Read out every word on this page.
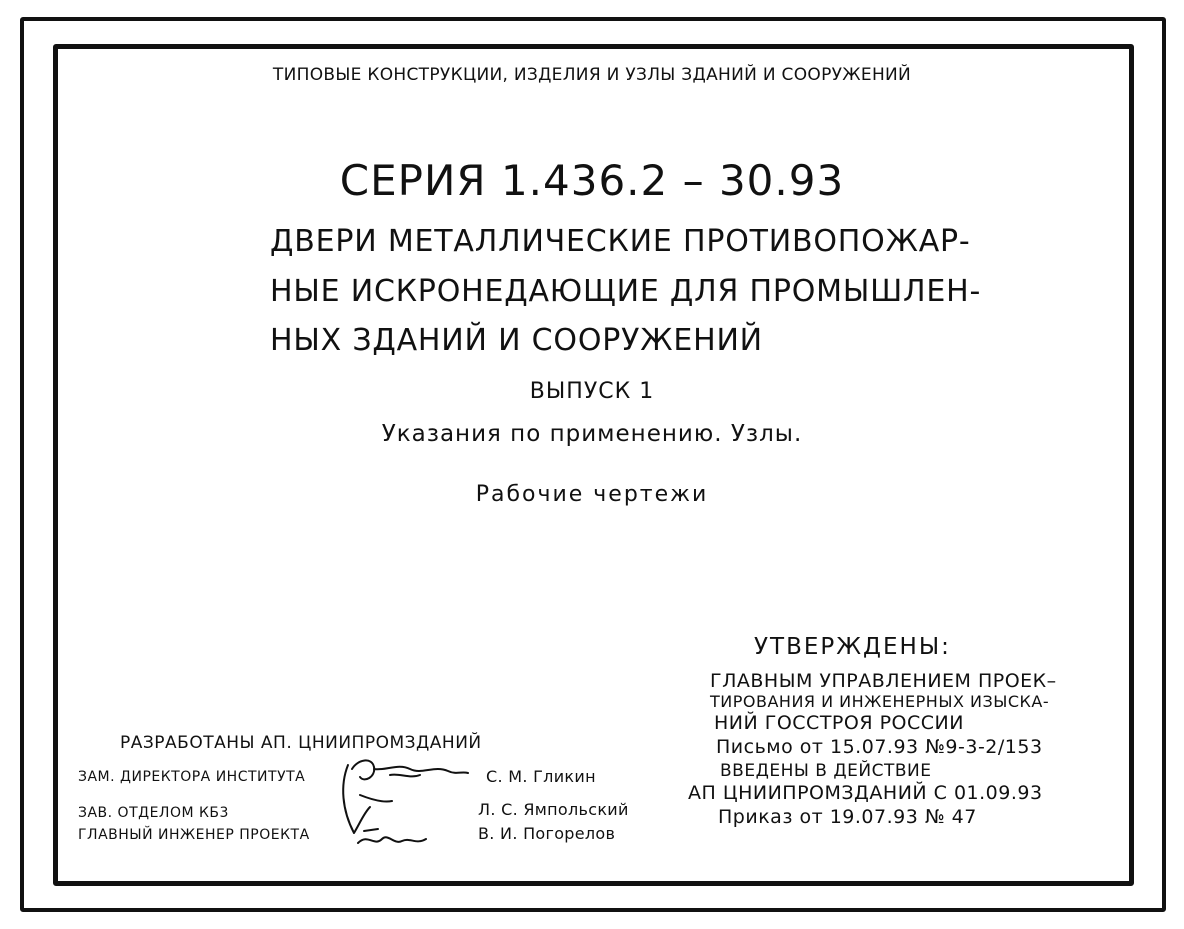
ТИПОВЫЕ КОНСТРУКЦИИ, ИЗДЕЛИЯ И УЗЛЫ ЗДАНИЙ И СООРУЖЕНИЙ
СЕРИЯ 1.436.2 – 30.93
ДВЕРИ МЕТАЛЛИЧЕСКИЕ ПРОТИВОПОЖАР-
НЫЕ ИСКРОНЕДАЮЩИЕ ДЛЯ ПРОМЫШЛЕН-
НЫХ ЗДАНИЙ И СООРУЖЕНИЙ
ВЫПУСК 1
Указания по применению. Узлы.
Рабочие чертежи
УТВЕРЖДЕНЫ:
ГЛАВНЫМ УПРАВЛЕНИЕМ ПРОЕК–
ТИРОВАНИЯ И ИНЖЕНЕРНЫХ ИЗЫСКА-
НИЙ ГОССТРОЯ РОССИИ
Письмо от 15.07.93 №9-3-2/153
ВВЕДЕНЫ В ДЕЙСТВИЕ
АП ЦНИИПРОМЗДАНИЙ С 01.09.93
Приказ от 19.07.93 № 47
РАЗРАБОТАНЫ АП. ЦНИИПРОМЗДАНИЙ
ЗАМ. ДИРЕКТОРА ИНСТИТУТА	С. М. Гликин
ЗАВ. ОТДЕЛОМ КБ3	Л. С. Ямпольский
ГЛАВНЫЙ ИНЖЕНЕР ПРОЕКТА	В. И. Погорелов
